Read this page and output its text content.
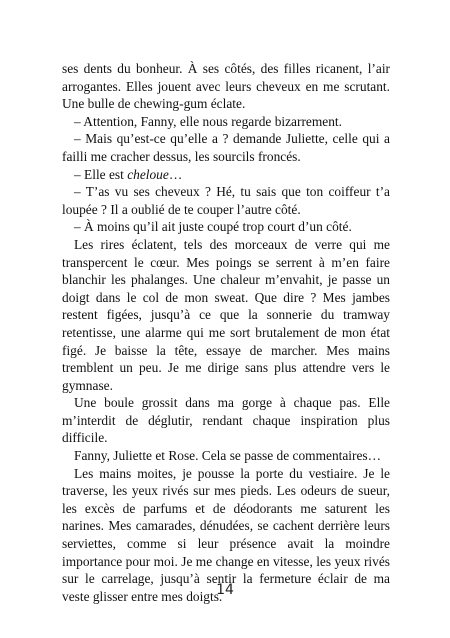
ses dents du bonheur. À ses côtés, des filles ricanent, l’air arrogantes. Elles jouent avec leurs cheveux en me scrutant. Une bulle de chewing-gum éclate.

– Attention, Fanny, elle nous regarde bizarrement.

– Mais qu’est-ce qu’elle a ? demande Juliette, celle qui a failli me cracher dessus, les sourcils froncés.

– Elle est cheloue…

– T’as vu ses cheveux ? Hé, tu sais que ton coiffeur t’a loupée ? Il a oublié de te couper l’autre côté.

– À moins qu’il ait juste coupé trop court d’un côté.

Les rires éclatent, tels des morceaux de verre qui me transpercent le cœur. Mes poings se serrent à m’en faire blanchir les phalanges. Une chaleur m’envahit, je passe un doigt dans le col de mon sweat. Que dire ? Mes jambes restent figées, jusqu’à ce que la sonnerie du tramway retentisse, une alarme qui me sort brutalement de mon état figé. Je baisse la tête, essaye de marcher. Mes mains tremblent un peu. Je me dirige sans plus attendre vers le gymnase.

Une boule grossit dans ma gorge à chaque pas. Elle m’interdit de déglutir, rendant chaque inspiration plus difficile.

Fanny, Juliette et Rose. Cela se passe de commentaires…

Les mains moites, je pousse la porte du vestiaire. Je le traverse, les yeux rivés sur mes pieds. Les odeurs de sueur, les excès de parfums et de déodorants me saturent les narines. Mes camarades, dénudées, se cachent derrière leurs serviettes, comme si leur présence avait la moindre importance pour moi. Je me change en vitesse, les yeux rivés sur le carrelage, jusqu’à sentir la fermeture éclair de ma veste glisser entre mes doigts.

14
